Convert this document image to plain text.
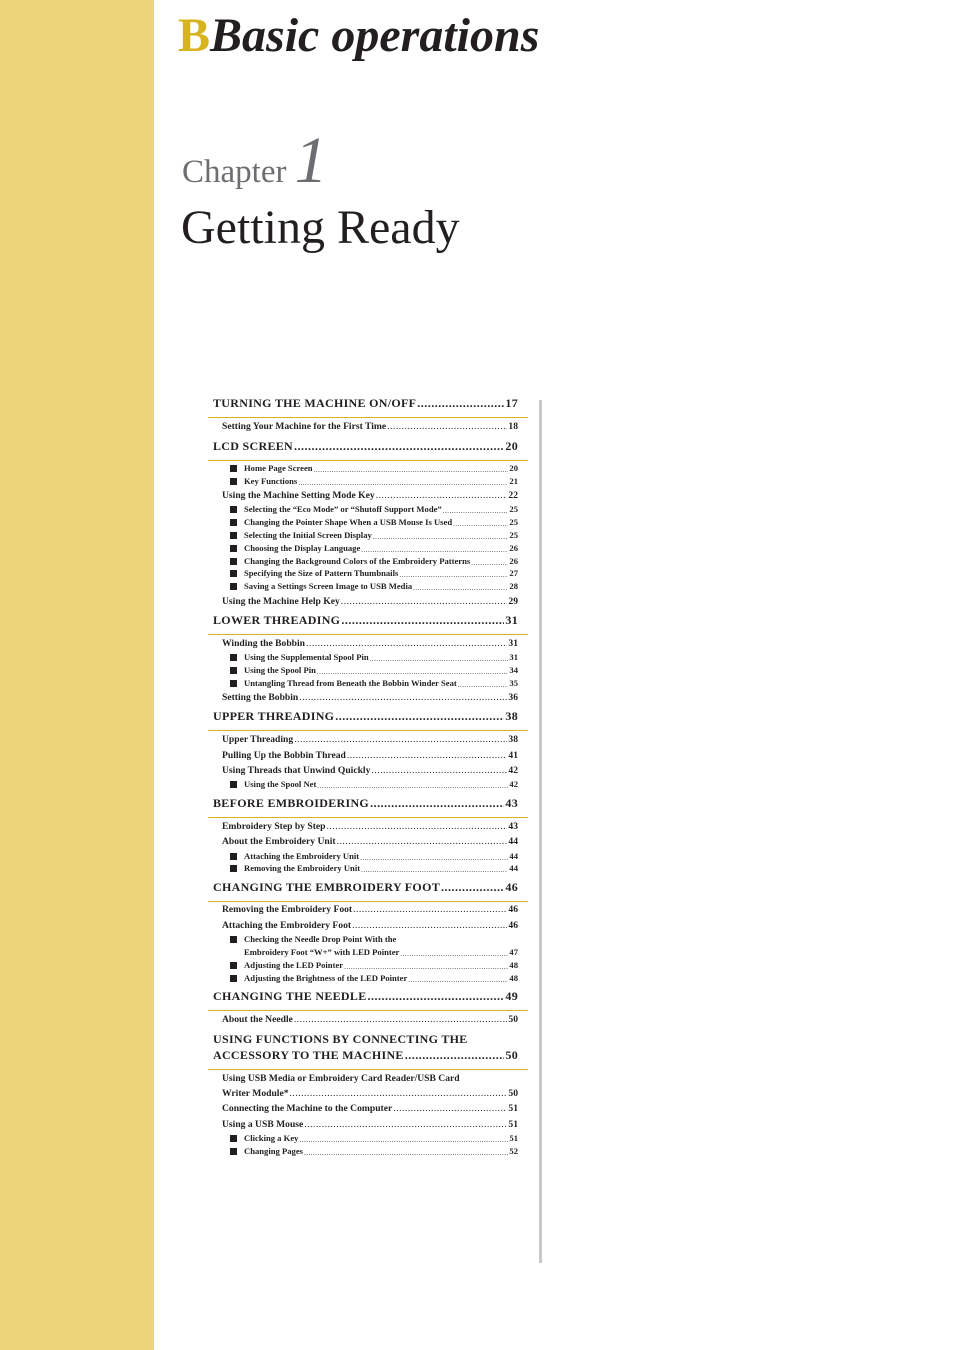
BBasic operations
Chapter 1
Getting Ready
TURNING THE MACHINE ON/OFF .....	17
Setting Your Machine for the First Time .....	18
LCD SCREEN .....	20
Home Page Screen .....	20
Key Functions .....	21
Using the Machine Setting Mode Key .....	22
Selecting the “Eco Mode” or “Shutoff Support Mode” .....	25
Changing the Pointer Shape When a USB Mouse Is Used .....	25
Selecting the Initial Screen Display .....	25
Choosing the Display Language .....	26
Changing the Background Colors of the Embroidery Patterns .....	26
Specifying the Size of Pattern Thumbnails .....	27
Saving a Settings Screen Image to USB Media .....	28
Using the Machine Help Key .....	29
LOWER THREADING .....	31
Winding the Bobbin .....	31
Using the Supplemental Spool Pin .....	31
Using the Spool Pin .....	34
Untangling Thread from Beneath the Bobbin Winder Seat .....	35
Setting the Bobbin .....	36
UPPER THREADING .....	38
Upper Threading .....	38
Pulling Up the Bobbin Thread .....	41
Using Threads that Unwind Quickly .....	42
Using the Spool Net .....	42
BEFORE EMBROIDERING .....	43
Embroidery Step by Step .....	43
About the Embroidery Unit .....	44
Attaching the Embroidery Unit .....	44
Removing the Embroidery Unit .....	44
CHANGING THE EMBROIDERY FOOT .....	46
Removing the Embroidery Foot .....	46
Attaching the Embroidery Foot .....	46
Checking the Needle Drop Point With the
Embroidery Foot “W+” with LED Pointer .....	47
Adjusting the LED Pointer .....	48
Adjusting the Brightness of the LED Pointer .....	48
CHANGING THE NEEDLE .....	49
About the Needle .....	50
USING FUNCTIONS BY CONNECTING THE
ACCESSORY TO THE MACHINE .....	50
Using USB Media or Embroidery Card Reader/USB Card
Writer Module* .....	50
Connecting the Machine to the Computer .....	51
Using a USB Mouse .....	51
Clicking a Key .....	51
Changing Pages .....	52
